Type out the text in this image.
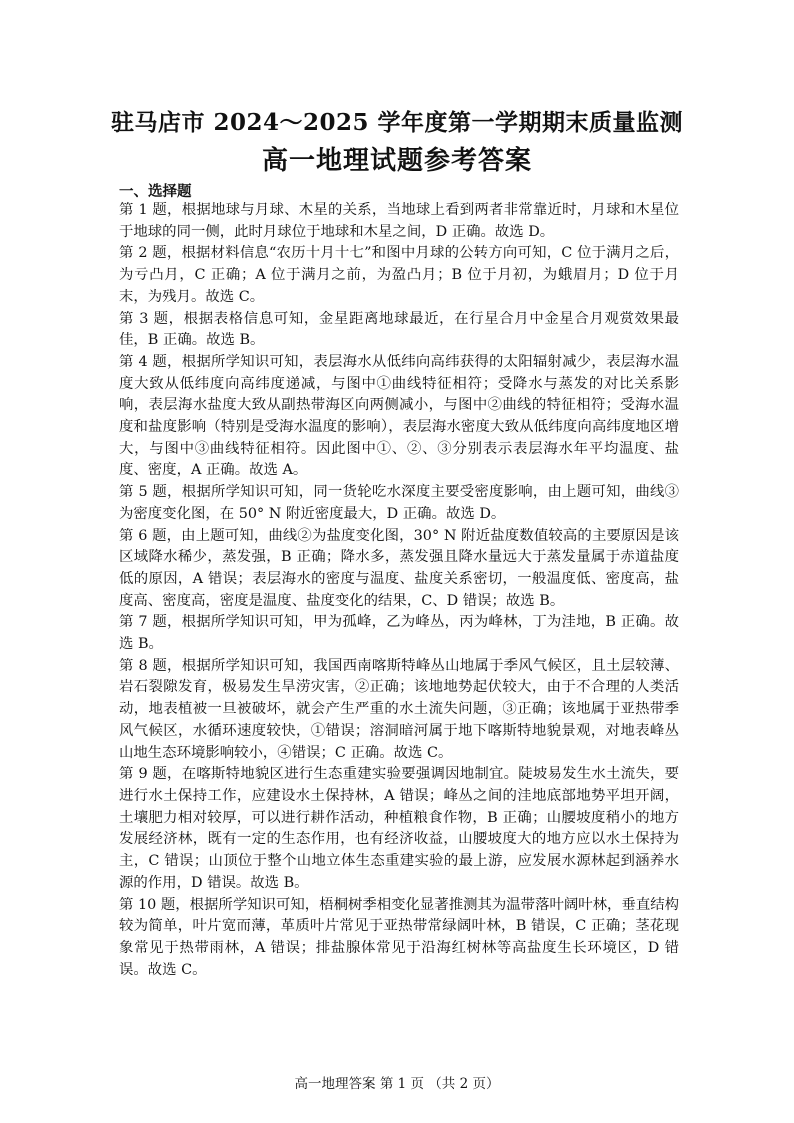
驻马店市 2024～2025 学年度第一学期期末质量监测
高一地理试题参考答案
一、选择题

第 1 题，根据地球与月球、木星的关系，当地球上看到两者非常靠近时，月球和木星位于地球的同一侧，此时月球位于地球和木星之间，D 正确。故选 D。

第 2 题，根据材料信息“农历十月十七”和图中月球的公转方向可知，C 位于满月之后，为亏凸月，C 正确；A 位于满月之前，为盈凸月；B 位于月初，为蛾眉月；D 位于月末，为残月。故选 C。

第 3 题，根据表格信息可知，金星距离地球最近，在行星合月中金星合月观赏效果最佳，B 正确。故选 B。

第 4 题，根据所学知识可知，表层海水从低纬向高纬获得的太阳辐射减少，表层海水温度大致从低纬度向高纬度递减，与图中①曲线特征相符；受降水与蒸发的对比关系影响，表层海水盐度大致从副热带海区向两侧减小，与图中②曲线的特征相符；受海水温度和盐度影响（特别是受海水温度的影响），表层海水密度大致从低纬度向高纬度地区增大，与图中③曲线特征相符。因此图中①、②、③分别表示表层海水年平均温度、盐度、密度，A 正确。故选 A。

第 5 题，根据所学知识可知，同一货轮吃水深度主要受密度影响，由上题可知，曲线③为密度变化图，在 50° N 附近密度最大，D 正确。故选 D。

第 6 题，由上题可知，曲线②为盐度变化图，30° N 附近盐度数值较高的主要原因是该区域降水稀少，蒸发强，B 正确；降水多，蒸发强且降水量远大于蒸发量属于赤道盐度低的原因，A 错误；表层海水的密度与温度、盐度关系密切，一般温度低、密度高，盐度高、密度高，密度是温度、盐度变化的结果，C、D 错误；故选 B。

第 7 题，根据所学知识可知，甲为孤峰，乙为峰丛，丙为峰林，丁为洼地，B 正确。故选 B。

第 8 题，根据所学知识可知，我国西南喀斯特峰丛山地属于季风气候区，且土层较薄、岩石裂隙发育，极易发生旱涝灾害，②正确；该地地势起伏较大，由于不合理的人类活动，地表植被一旦被破坏，就会产生严重的水土流失问题，③正确；该地属于亚热带季风气候区，水循环速度较快，①错误；溶洞暗河属于地下喀斯特地貌景观，对地表峰丛山地生态环境影响较小，④错误；C 正确。故选 C。

第 9 题，在喀斯特地貌区进行生态重建实验要强调因地制宜。陡坡易发生水土流失，要进行水土保持工作，应建设水土保持林，A 错误；峰丛之间的洼地底部地势平坦开阔，土壤肥力相对较厚，可以进行耕作活动，种植粮食作物，B 正确；山腰坡度稍小的地方发展经济林，既有一定的生态作用，也有经济收益，山腰坡度大的地方应以水土保持为主，C 错误；山顶位于整个山地立体生态重建实验的最上游，应发展水源林起到涵养水源的作用，D 错误。故选 B。

第 10 题，根据所学知识可知，梧桐树季相变化显著推测其为温带落叶阔叶林，垂直结构较为简单，叶片宽而薄，革质叶片常见于亚热带常绿阔叶林，B 错误，C 正确；茎花现象常见于热带雨林，A 错误；排盐腺体常见于沿海红树林等高盐度生长环境区，D 错误。故选 C。

高一地理答案 第 1 页 （共 2 页）
